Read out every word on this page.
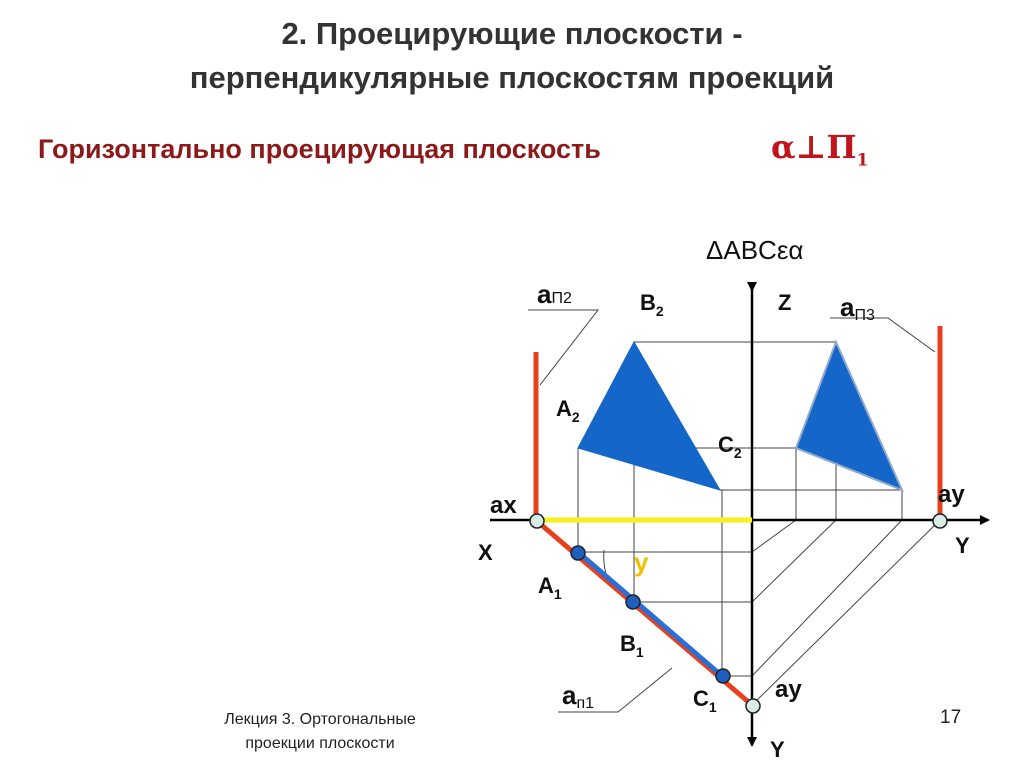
2. Проецирующие плоскости -
перпендикулярные плоскостям проекций
Горизонтально проецирующая плоскость	$\alpha\perp П_1$
aП2	aП3
aп1
$B_2$
$A_2$
$C_2$
$A_1$
$B_1$
$C_1$
ax	ay
ay
X	Y
Y
Z
y
ΔABCεα
Лекция 3. Ортогональные
проекции плоскости
17
